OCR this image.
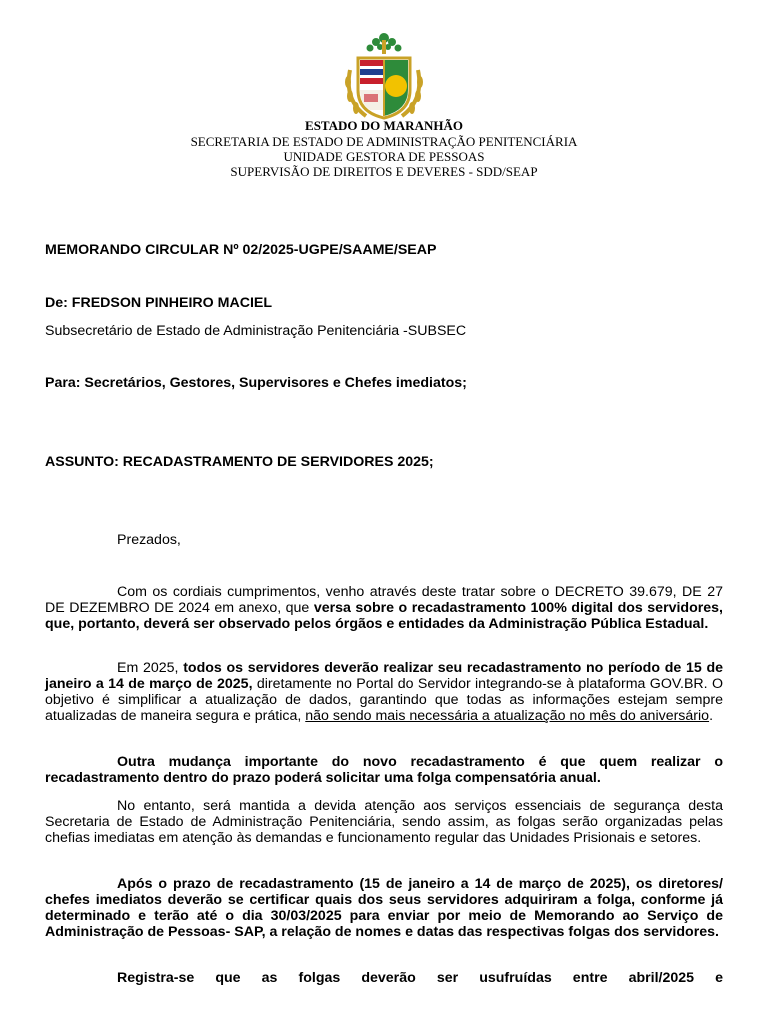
ESTADO DO MARANHÃO
SECRETARIA DE ESTADO DE ADMINISTRAÇÃO PENITENCIÁRIA
UNIDADE GESTORA DE PESSOAS
SUPERVISÃO DE DIREITOS E DEVERES - SDD/SEAP
MEMORANDO CIRCULAR Nº 02/2025-UGPE/SAAME/SEAP
De: FREDSON PINHEIRO MACIEL
Subsecretário de Estado de Administração Penitenciária -SUBSEC
Para: Secretários, Gestores, Supervisores e Chefes imediatos;
ASSUNTO: RECADASTRAMENTO DE SERVIDORES 2025;
Prezados,

Com os cordiais cumprimentos, venho através deste tratar sobre o DECRETO 39.679, DE 27 DE DEZEMBRO DE 2024 em anexo, que versa sobre o recadastramento 100% digital dos servidores, que, portanto, deverá ser observado pelos órgãos e entidades da Administração Pública Estadual.

Em 2025, todos os servidores deverão realizar seu recadastramento no período de 15 de janeiro a 14 de março de 2025, diretamente no Portal do Servidor integrando-se à plataforma GOV.BR. O objetivo é simplificar a atualização de dados, garantindo que todas as informações estejam sempre atualizadas de maneira segura e prática, não sendo mais necessária a atualização no mês do aniversário.

Outra mudança importante do novo recadastramento é que quem realizar o recadastramento dentro do prazo poderá solicitar uma folga compensatória anual.

No entanto, será mantida a devida atenção aos serviços essenciais de segurança desta Secretaria de Estado de Administração Penitenciária, sendo assim, as folgas serão organizadas pelas chefias imediatas em atenção às demandas e funcionamento regular das Unidades Prisionais e setores.

Após o prazo de recadastramento (15 de janeiro a 14 de março de 2025), os diretores/ chefes imediatos deverão se certificar quais dos seus servidores adquiriram a folga, conforme já determinado e terão até o dia 30/03/2025 para enviar por meio de Memorando ao Serviço de Administração de Pessoas- SAP, a relação de nomes e datas das respectivas folgas dos servidores.

Registra-se que as folgas deverão ser usufruídas entre abril/2025 e
